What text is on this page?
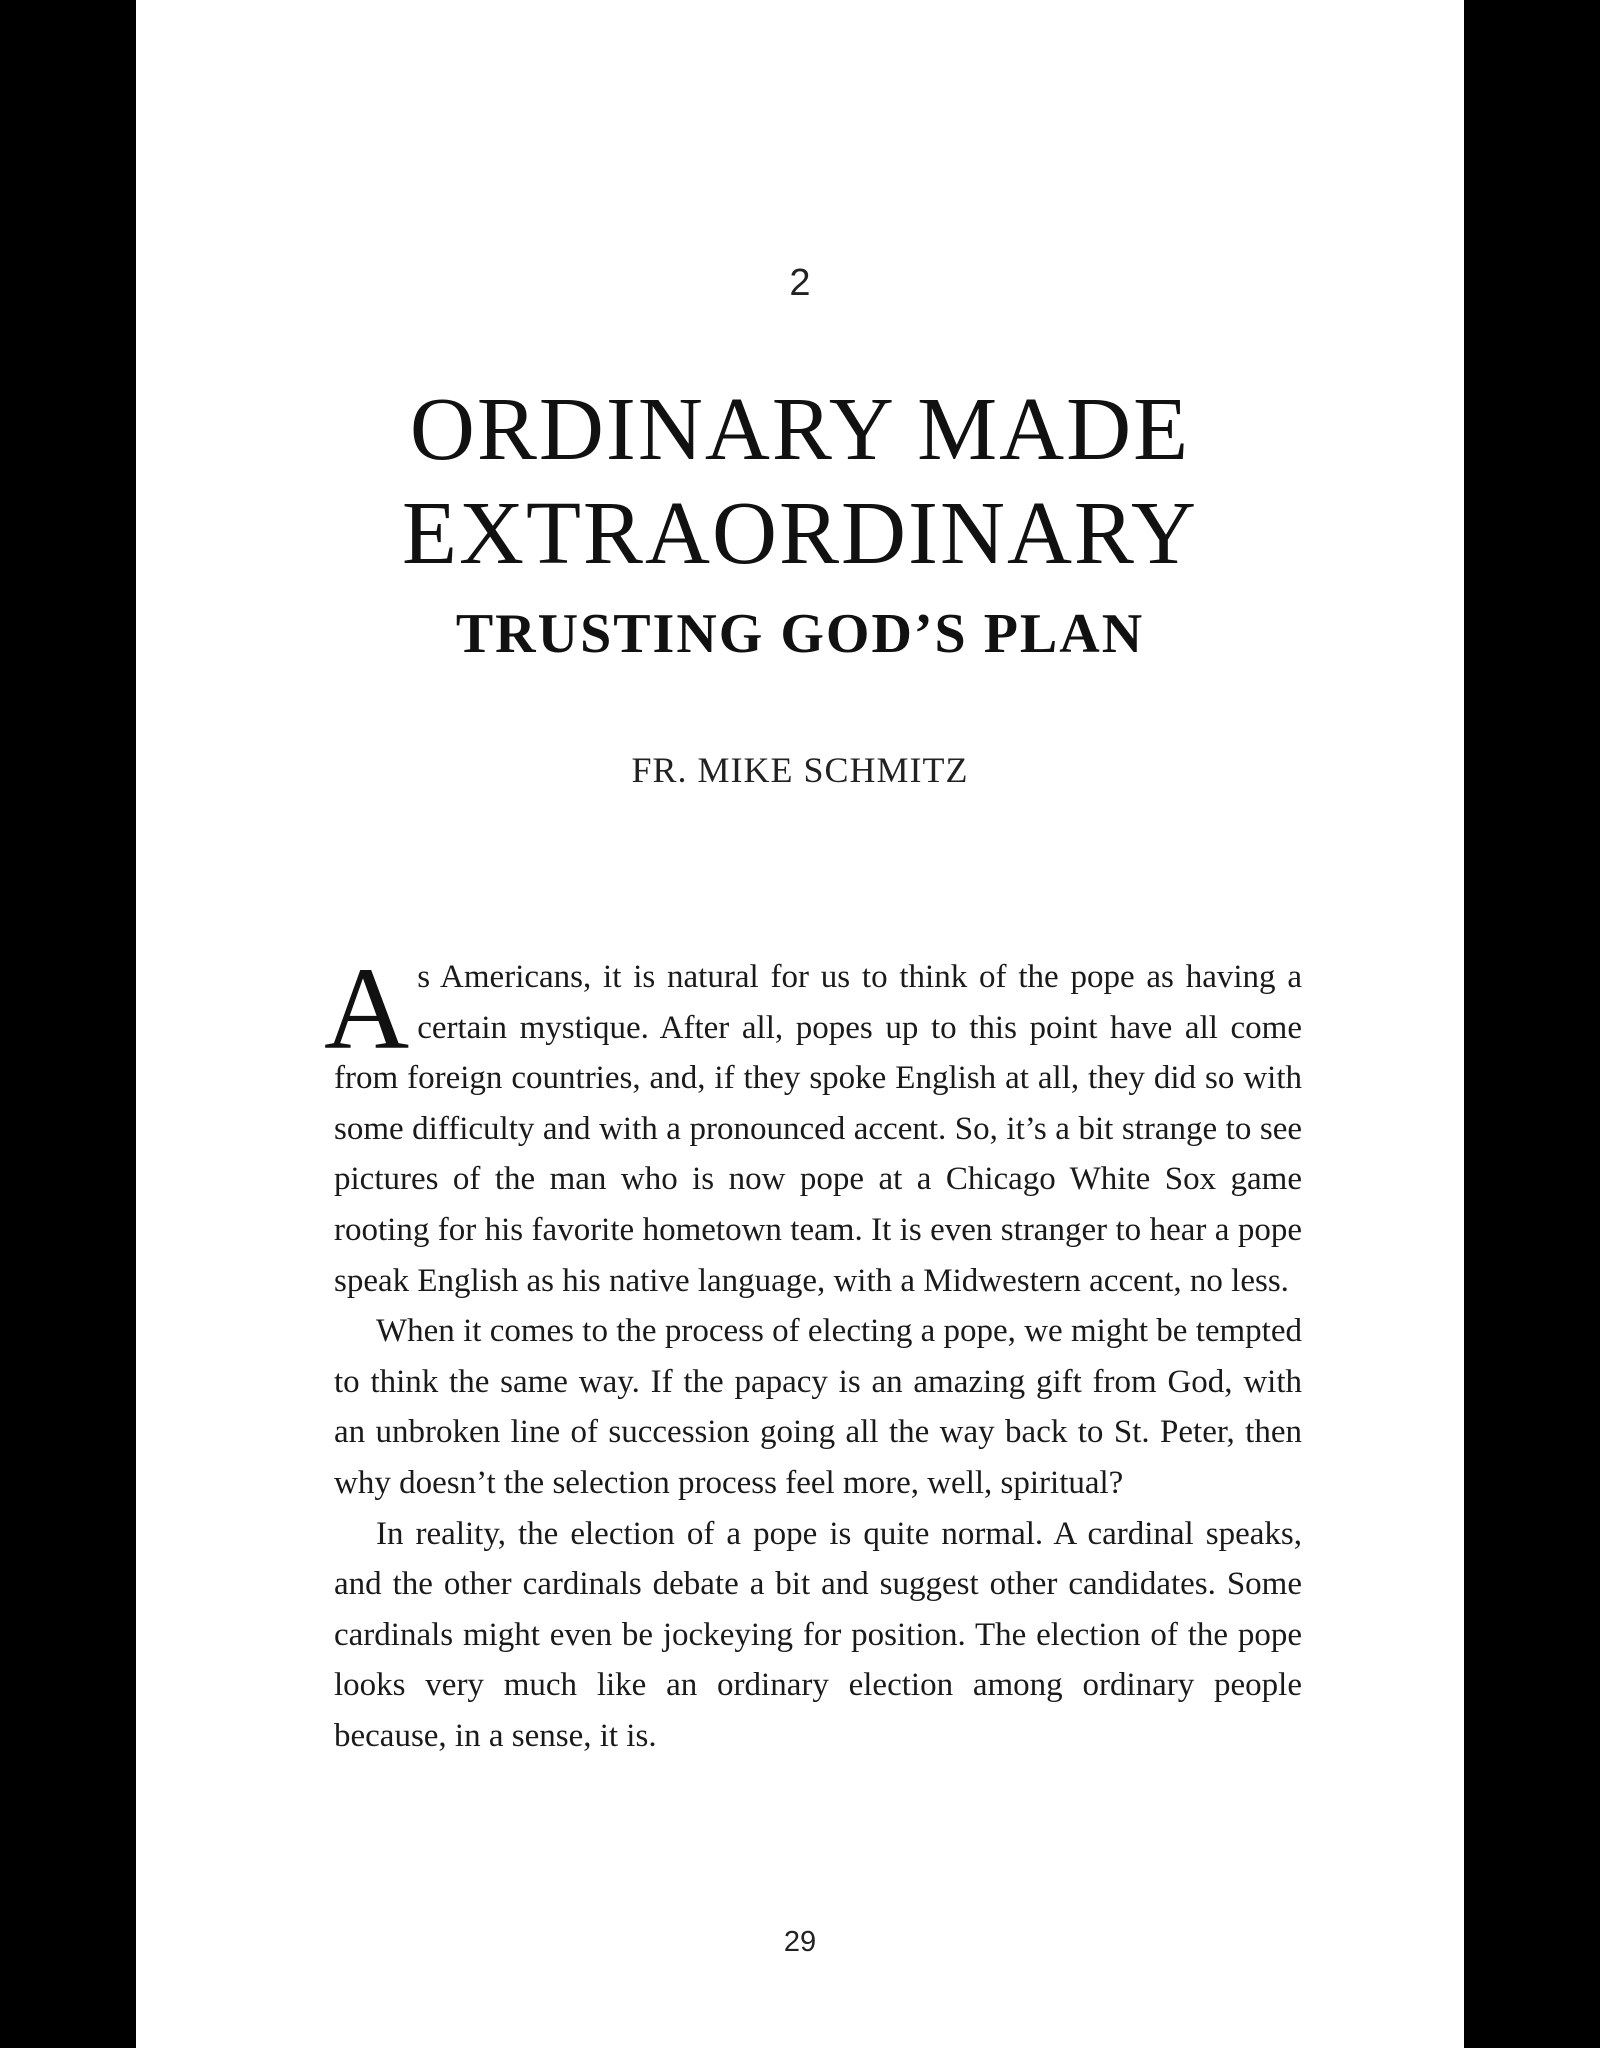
2
ORDINARY MADE
EXTRAORDINARY
TRUSTING GOD’S PLAN
FR. MIKE SCHMITZ

As Americans, it is natural for us to think of the pope as having a certain mystique. After all, popes up to this point have all come from foreign countries, and, if they spoke English at all, they did so with some difficulty and with a pronounced accent. So, it’s a bit strange to see pictures of the man who is now pope at a Chicago White Sox game rooting for his favorite hometown team. It is even stranger to hear a pope speak English as his native language, with a Midwestern accent, no less.

When it comes to the process of electing a pope, we might be tempted to think the same way. If the papacy is an amazing gift from God, with an unbroken line of succession going all the way back to St. Peter, then why doesn’t the selection process feel more, well, spiritual?

In reality, the election of a pope is quite normal. A cardinal speaks, and the other cardinals debate a bit and suggest other candidates. Some cardinals might even be jockeying for position. The election of the pope looks very much like an ordinary election among ordinary people because, in a sense, it is.

29
